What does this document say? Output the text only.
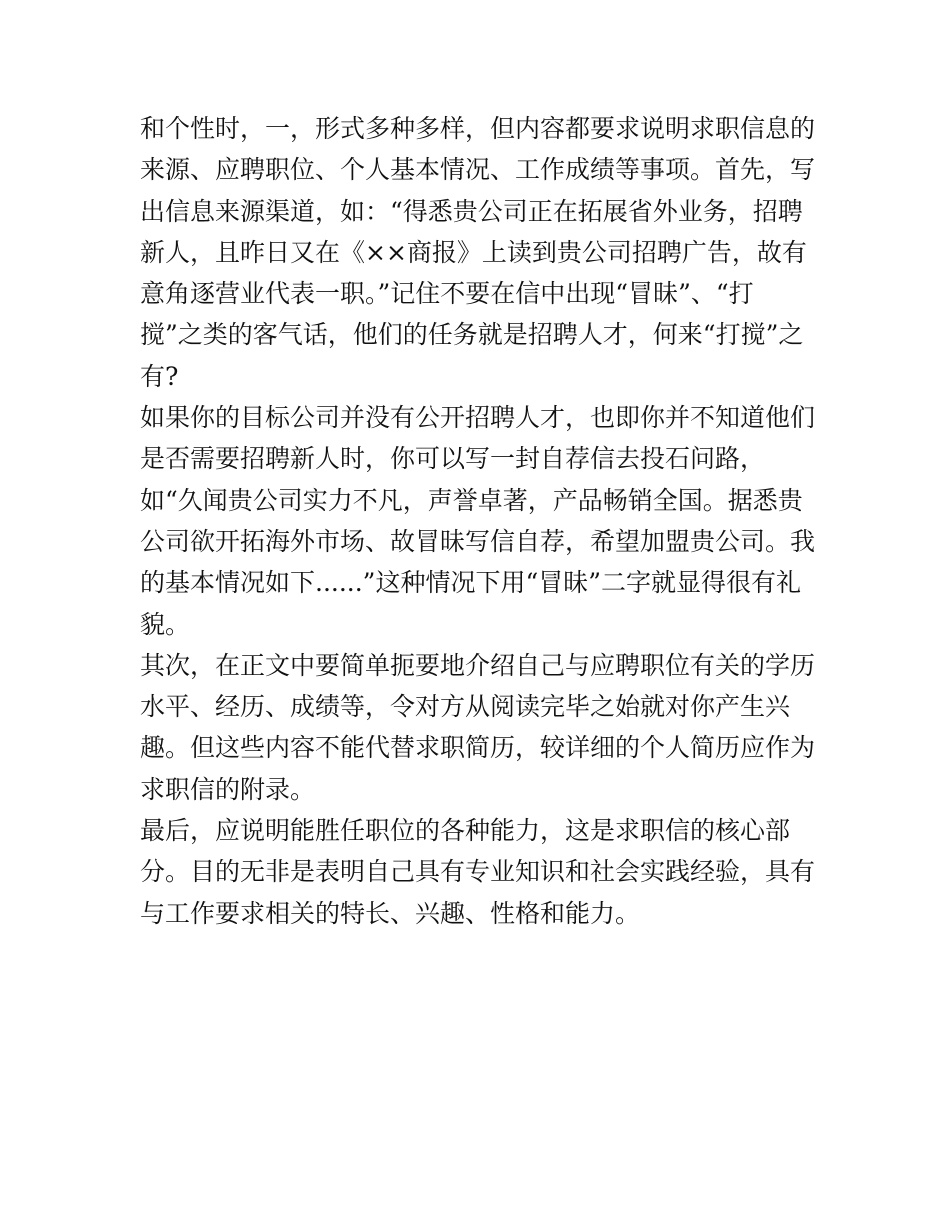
和个性时，一，形式多种多样，但内容都要求说明求职信息的
来源、应聘职位、个人基本情况、工作成绩等事项。首先，写
出信息来源渠道，如：“得悉贵公司正在拓展省外业务，招聘
新人，且昨日又在《××商报》上读到贵公司招聘广告，故有
意角逐营业代表一职。”记住不要在信中出现“冒昧”、“打
搅”之类的客气话，他们的任务就是招聘人才，何来“打搅”之
有?
如果你的目标公司并没有公开招聘人才，也即你并不知道他们
是否需要招聘新人时，你可以写一封自荐信去投石问路，
如“久闻贵公司实力不凡，声誉卓著，产品畅销全国。据悉贵
公司欲开拓海外市场、故冒昧写信自荐，希望加盟贵公司。我
的基本情况如下......”这种情况下用“冒昧”二字就显得很有礼
貌。
其次，在正文中要简单扼要地介绍自己与应聘职位有关的学历
水平、经历、成绩等，令对方从阅读完毕之始就对你产生兴
趣。但这些内容不能代替求职简历，较详细的个人简历应作为
求职信的附录。
最后，应说明能胜任职位的各种能力，这是求职信的核心部
分。目的无非是表明自己具有专业知识和社会实践经验，具有
与工作要求相关的特长、兴趣、性格和能力。
